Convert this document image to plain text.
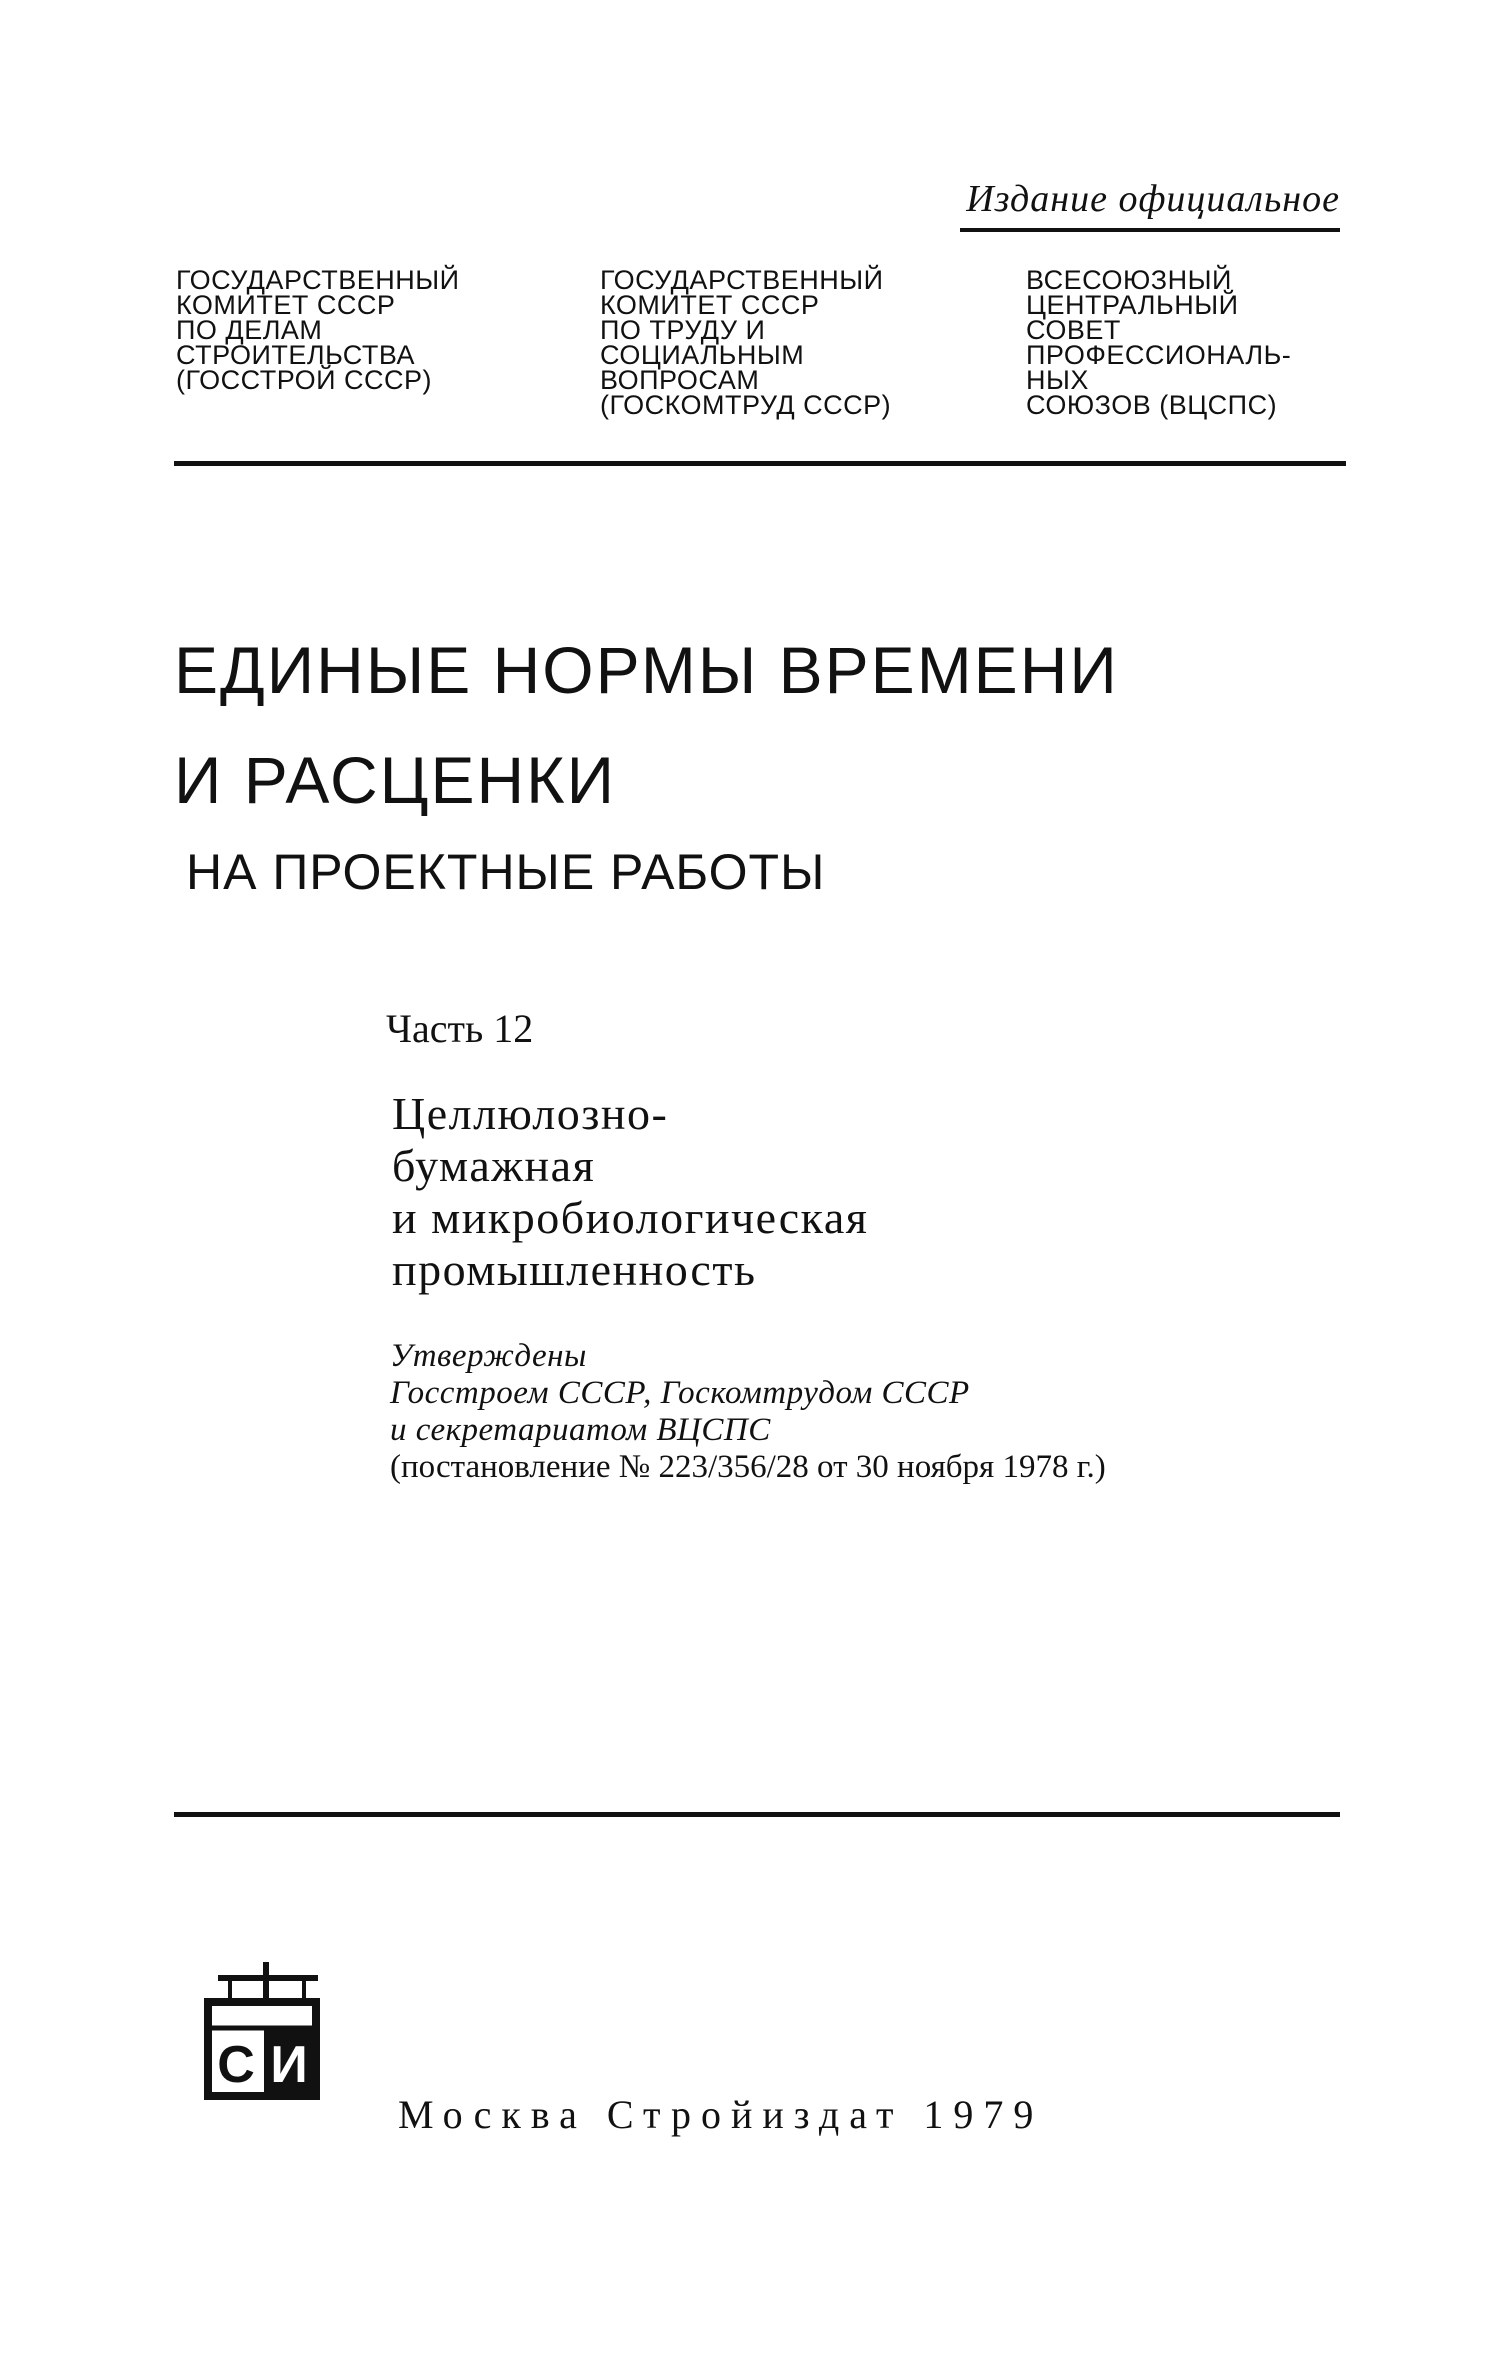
Издание официальное
ГОСУДАРСТВЕННЫЙ
КОМИТЕТ СССР
ПО ДЕЛАМ
СТРОИТЕЛЬСТВА
(ГОССТРОЙ СССР)
ГОСУДАРСТВЕННЫЙ
КОМИТЕТ СССР
ПО ТРУДУ И
СОЦИАЛЬНЫМ
ВОПРОСАМ
(ГОСКОМТРУД СССР)
ВСЕСОЮЗНЫЙ
ЦЕНТРАЛЬНЫЙ
СОВЕТ
ПРОФЕССИОНАЛЬ-
НЫХ
СОЮЗОВ (ВЦСПС)
ЕДИНЫЕ НОРМЫ ВРЕМЕНИ
И РАСЦЕНКИ
НА ПРОЕКТНЫЕ РАБОТЫ
Часть 12
Целлюлозно-
бумажная
и микробиологическая
промышленность
Утверждены
Госстроем СССР, Госкомтрудом СССР
и секретариатом ВЦСПС
(постановление № 223/356/28 от 30 ноября 1978 г.)
С И
Москва Стройиздат 1979
